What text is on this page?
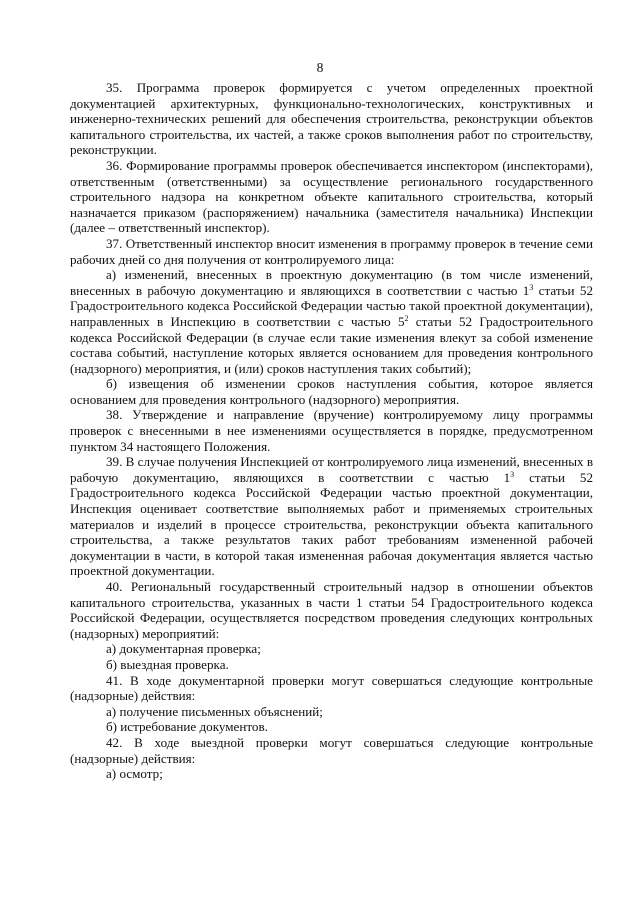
8

35. Программа проверок формируется с учетом определенных проектной документацией архитектурных, функционально-технологических, конструктивных и инженерно-технических решений для обеспечения строительства, реконструкции объектов капитального строительства, их частей, а также сроков выполнения работ по строительству, реконструкции.

36. Формирование программы проверок обеспечивается инспектором (инспекторами), ответственным (ответственными) за осуществление регионального государственного строительного надзора на конкретном объекте капитального строительства, который назначается приказом (распоряжением) начальника (заместителя начальника) Инспекции (далее – ответственный инспектор).

37. Ответственный инспектор вносит изменения в программу проверок в течение семи рабочих дней со дня получения от контролируемого лица:

а) изменений, внесенных в проектную документацию (в том числе изменений, внесенных в рабочую документацию и являющихся в соответствии с частью $1^3$ статьи 52 Градостроительного кодекса Российской Федерации частью такой проектной документации), направленных в Инспекцию в соответствии с частью $5^2$ статьи 52 Градостроительного кодекса Российской Федерации (в случае если такие изменения влекут за собой изменение состава событий, наступление которых является основанием для проведения контрольного (надзорного) мероприятия, и (или) сроков наступления таких событий);

б) извещения об изменении сроков наступления события, которое является основанием для проведения контрольного (надзорного) мероприятия.

38. Утверждение и направление (вручение) контролируемому лицу программы проверок с внесенными в нее изменениями осуществляется в порядке, предусмотренном пунктом 34 настоящего Положения.

39. В случае получения Инспекцией от контролируемого лица изменений, внесенных в рабочую документацию, являющихся в соответствии с частью $1^3$ статьи 52 Градостроительного кодекса Российской Федерации частью проектной документации, Инспекция оценивает соответствие выполняемых работ и применяемых строительных материалов и изделий в процессе строительства, реконструкции объекта капитального строительства, а также результатов таких работ требованиям измененной рабочей документации в части, в которой такая измененная рабочая документация является частью проектной документации.

40. Региональный государственный строительный надзор в отношении объектов капитального строительства, указанных в части 1 статьи 54 Градостроительного кодекса Российской Федерации, осуществляется посредством проведения следующих контрольных (надзорных) мероприятий:

а) документарная проверка;

б) выездная проверка.

41. В ходе документарной проверки могут совершаться следующие контрольные (надзорные) действия:

а) получение письменных объяснений;

б) истребование документов.

42. В ходе выездной проверки могут совершаться следующие контрольные (надзорные) действия:

а) осмотр;
